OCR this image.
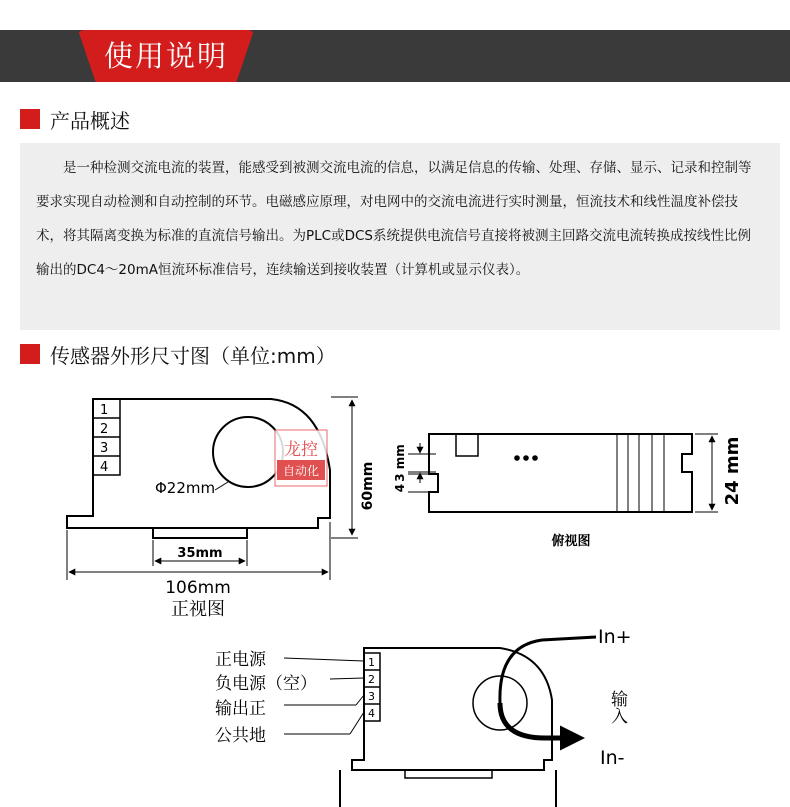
使用说明
产品概述

是一种检测交流电流的装置，能感受到被测交流电流的信息，以满足信息的传输、处理、存储、显示、记录和控制等要求实现自动检测和自动控制的环节。电磁感应原理，对电网中的交流电流进行实时测量，恒流技术和线性温度补偿技术，将其隔离变换为标准的直流信号输出。为PLC或DCS系统提供电流信号直接将被测主回路交流电流转换成按线性比例输出的DC4～20mA恒流环标准信号，连续输送到接收装置（计算机或显示仪表）。

传感器外形尺寸图（单位:mm）
1
2
3
4
Φ22mm
龙控
自动化	60mm
35mm
106mm
正视图
3 mm
4	24 mm
俯视图
1
2
3
4
正电源
负电源（空）
输出正
公共地
In+
In-
输入
